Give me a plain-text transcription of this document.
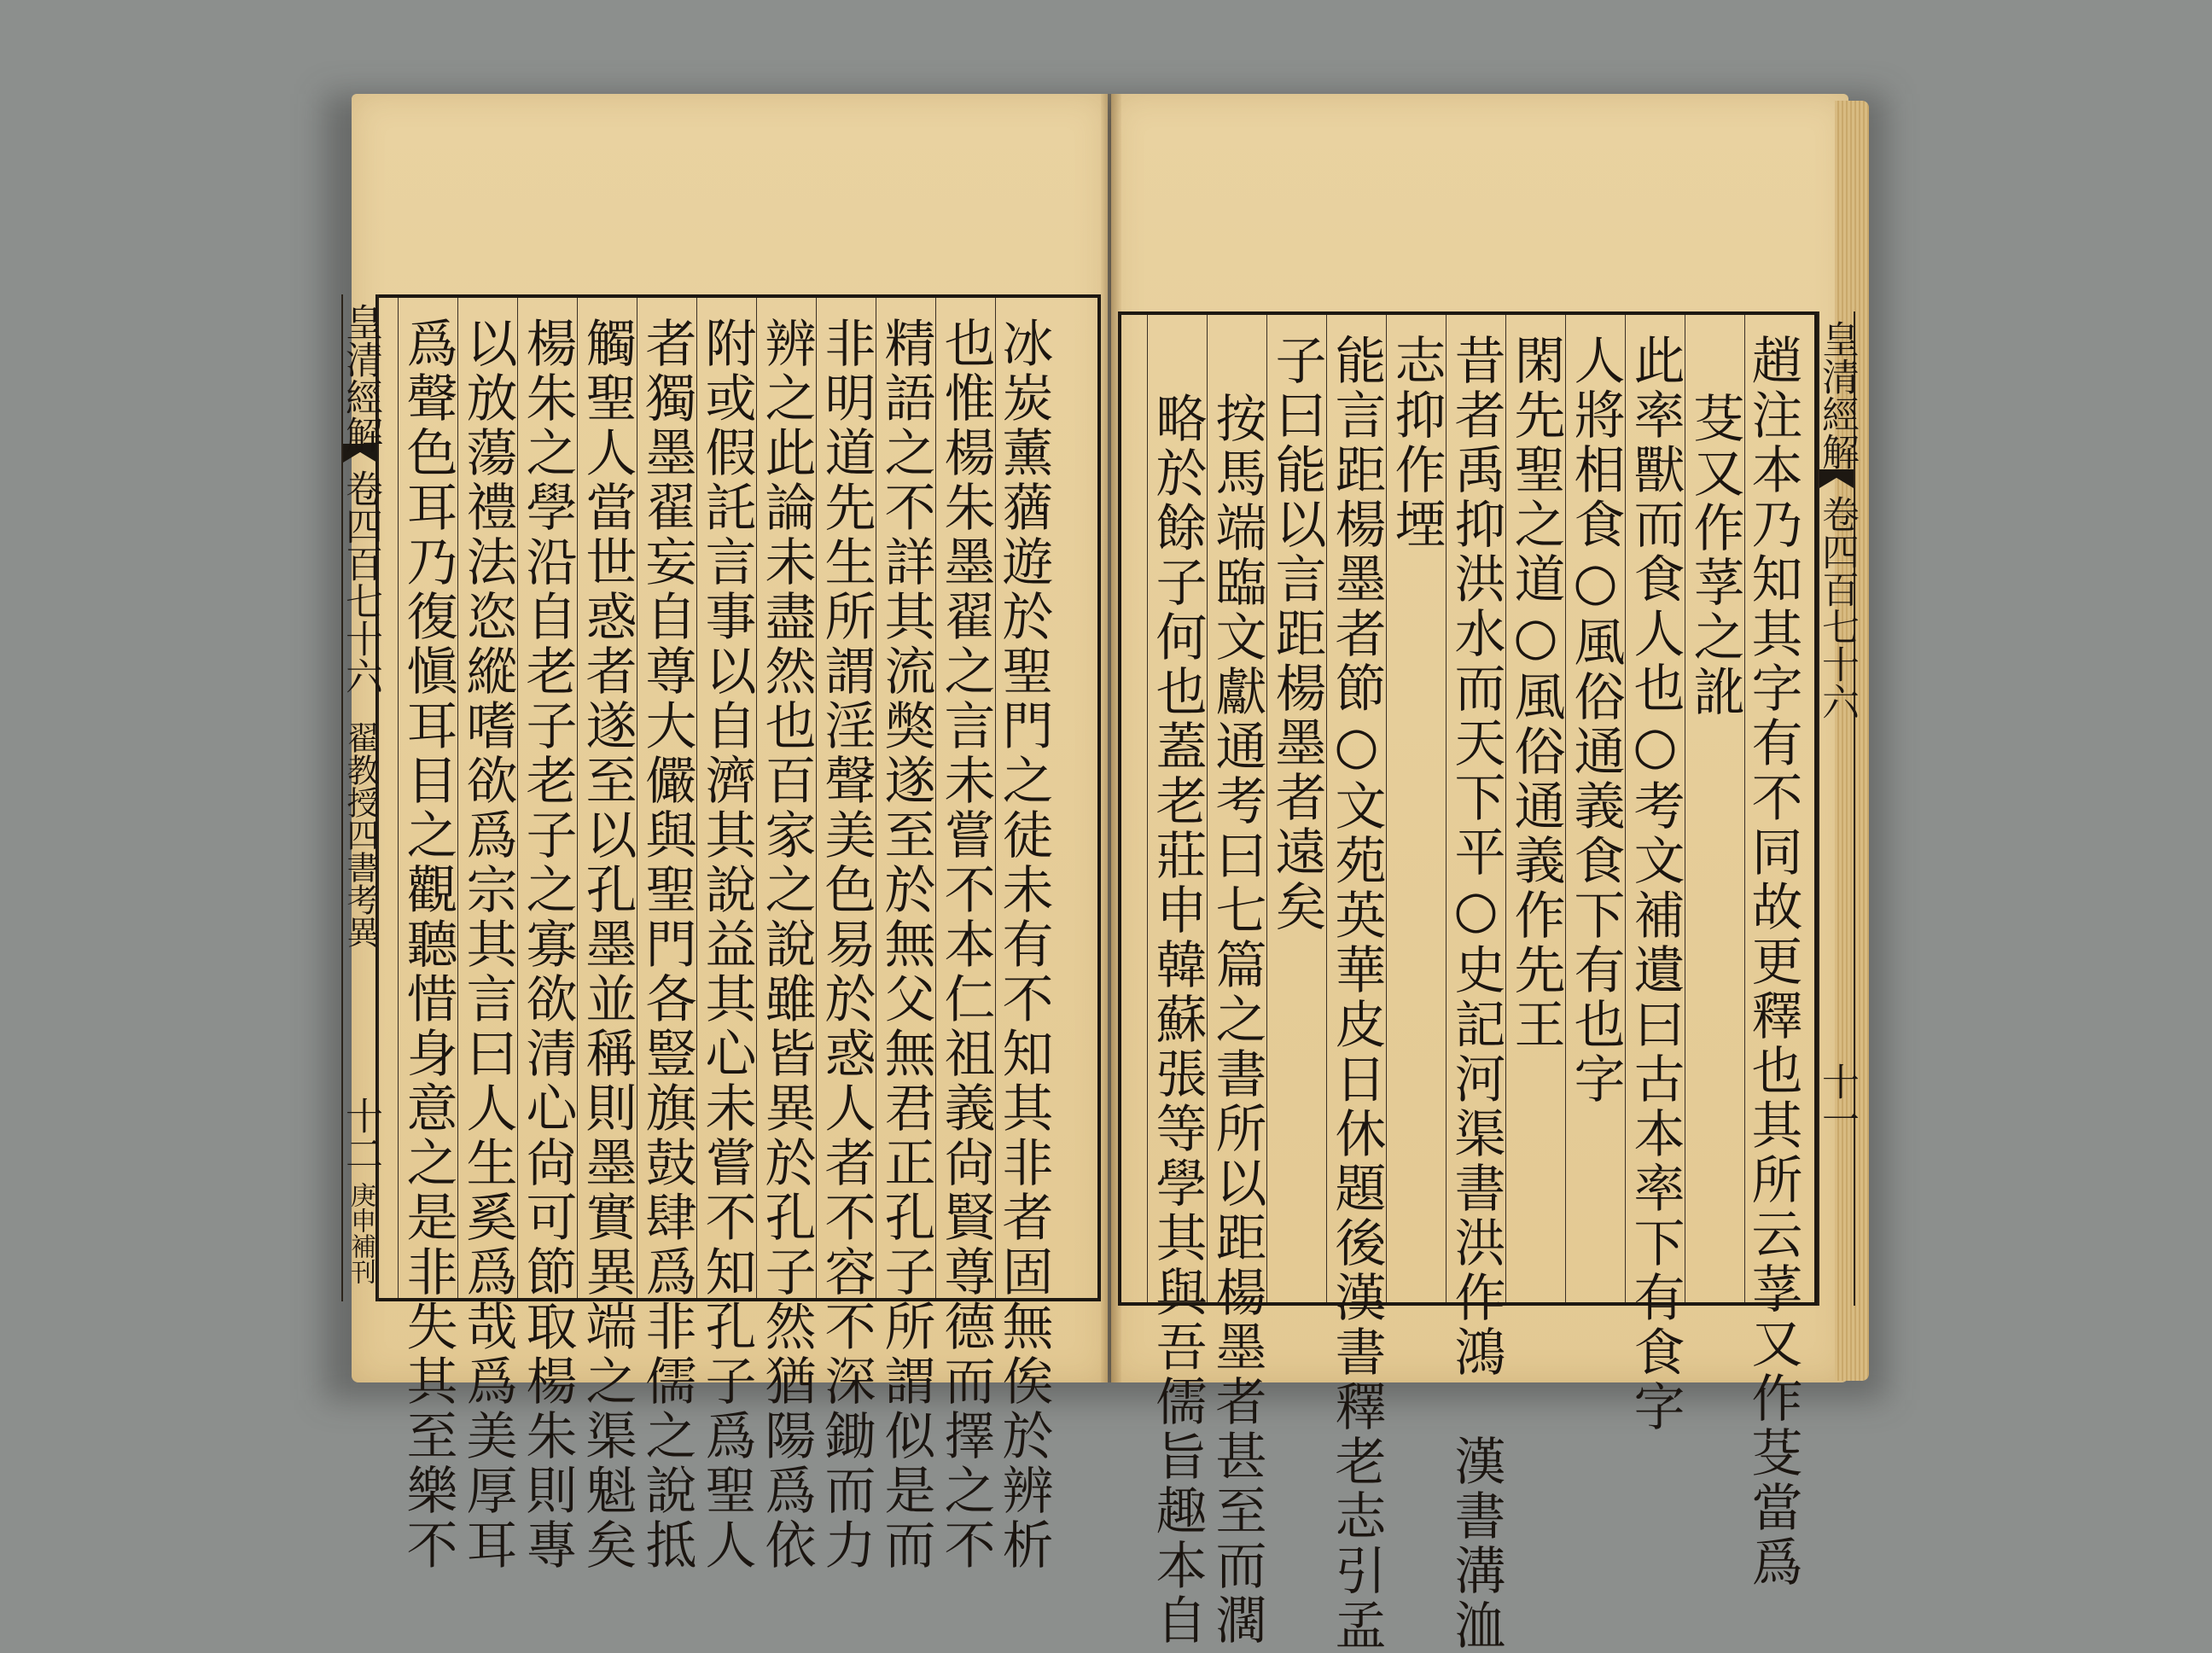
冰炭薰蕕遊於聖門之徒未有不知其非者固無俟於辨析
也惟楊朱墨翟之言未嘗不本仁祖義尙賢尊德而擇之不
精語之不詳其流獘遂至於無父無君正孔子所謂似是而
非明道先生所謂淫聲美色易於惑人者不容不深鋤而力
辨之此論未盡然也百家之說雖皆異於孔子然猶陽爲依
附或假託言事以自濟其說益其心未嘗不知孔子爲聖人
者獨墨翟妄自尊大儼與聖門各豎旗鼓肆爲非儒之說抵
觸聖人當世惑者遂至以孔墨並稱則墨實異端之渠魁矣
楊朱之學沿自老子老子之寡欲清心尙可節取楊朱則專
以放蕩禮法恣縱嗜欲爲宗其言曰人生奚爲哉爲美厚耳
爲聲色耳乃復愼耳目之觀聽惜身意之是非失其至樂不
皇清經解
卷四百七十六
翟教授四書考異
十二
庚申補刊	趙注本乃知其字有不同故更釋也其所云莩又作芟當爲
芟又作莩之訛
此率獸而食人也○考文補遺曰古本率下有食字
人將相食○風俗通義食下有也字
閑先聖之道○風俗通義作先王
昔者禹抑洪水而天下平○史記河渠書洪作鴻　漢書溝洫
志抑作堙
能言距楊墨者節○文苑英華皮日休題後漢書釋老志引孟
子曰能以言距楊墨者遠矣
按馬端臨文獻通考曰七篇之書所以距楊墨者甚至而濶
略於餘子何也蓋老莊申韓蘇張等學其與吾儒旨趣本自	皇清經解
卷四百七十六
十一
